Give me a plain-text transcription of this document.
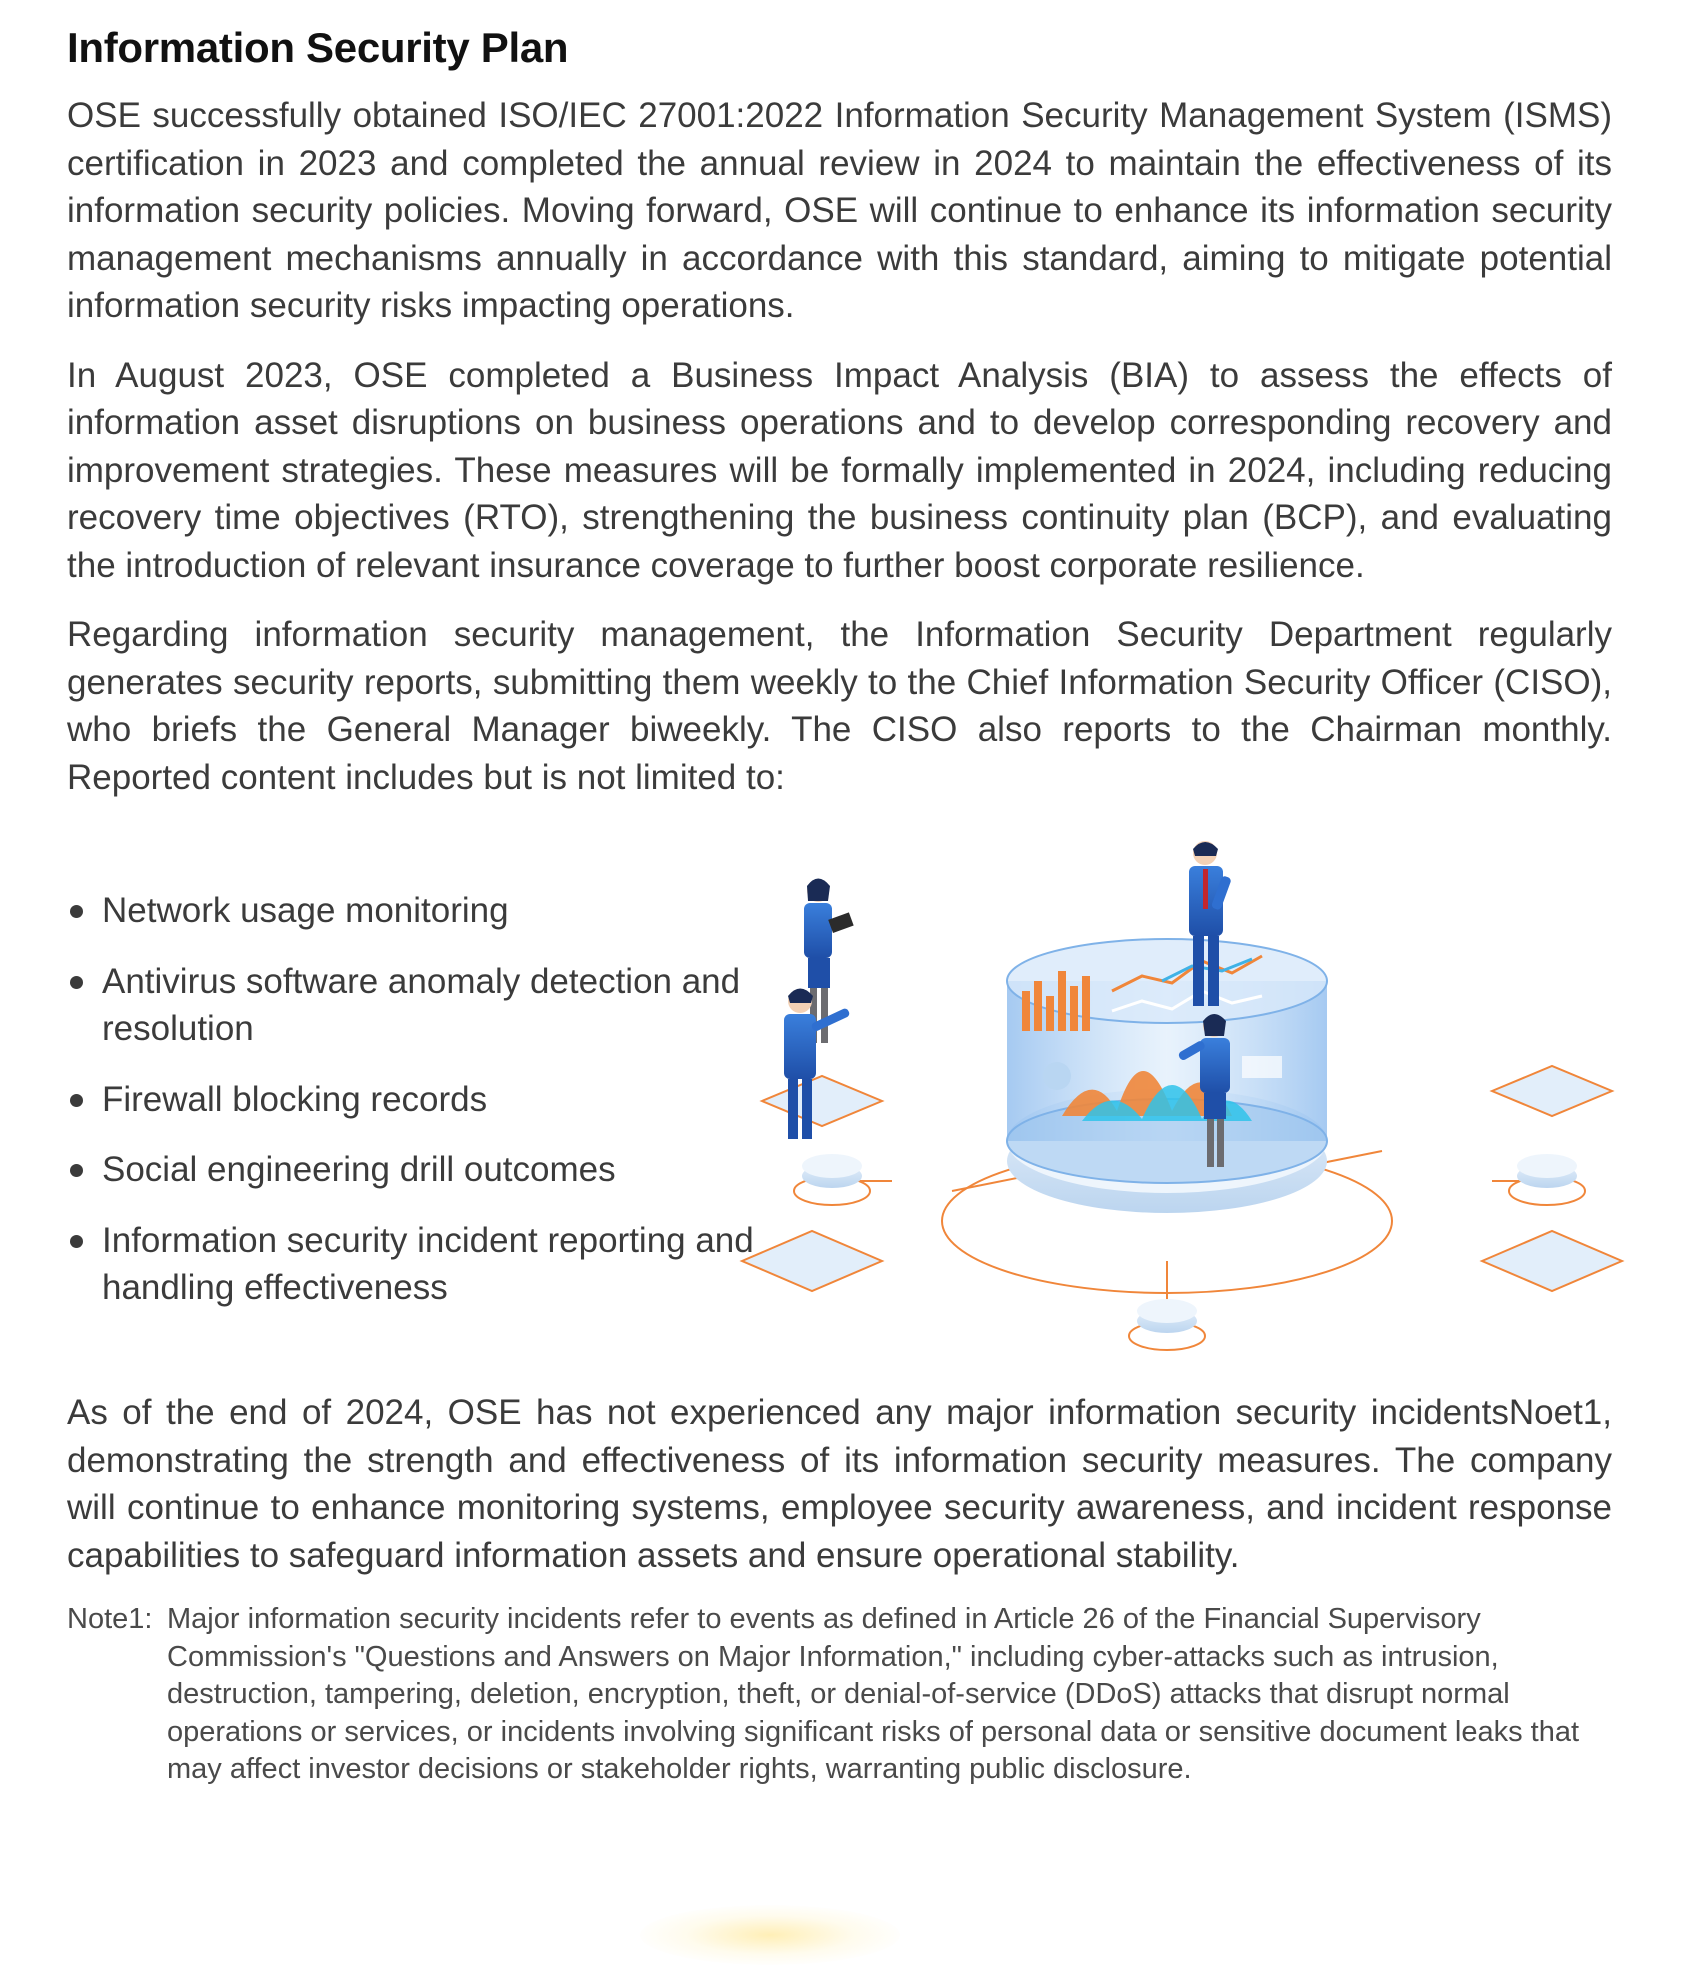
Information Security Plan

OSE successfully obtained ISO/IEC 27001:2022 Information Security Management System (ISMS) certification in 2023 and completed the annual review in 2024 to maintain the effectiveness of its information security policies. Moving forward, OSE will continue to enhance its information security management mechanisms annually in accordance with this standard, aiming to mitigate potential information security risks impacting operations.

In August 2023, OSE completed a Business Impact Analysis (BIA) to assess the effects of information asset disruptions on business operations and to develop corresponding recovery and improvement strategies. These measures will be formally implemented in 2024, including reducing recovery time objectives (RTO), strengthening the business continuity plan (BCP), and evaluating the introduction of relevant insurance coverage to further boost corporate resilience.

Regarding information security management, the Information Security Department regularly generates security reports, submitting them weekly to the Chief Information Security Officer (CISO), who briefs the General Manager biweekly. The CISO also reports to the Chairman monthly. Reported content includes but is not limited to:

Network usage monitoring
Antivirus software anomaly detection and resolution
Firewall blocking records
Social engineering drill outcomes
Information security incident reporting and handling effectiveness

As of the end of 2024, OSE has not experienced any major information security incidentsNoet1, demonstrating the strength and effectiveness of its information security measures. The company will continue to enhance monitoring systems, employee security awareness, and incident response capabilities to safeguard information assets and ensure operational stability.

Note1: Major information security incidents refer to events as defined in Article 26 of the Financial Supervisory Commission's "Questions and Answers on Major Information," including cyber-attacks such as intrusion, destruction, tampering, deletion, encryption, theft, or denial-of-service (DDoS) attacks that disrupt normal operations or services, or incidents involving significant risks of personal data or sensitive document leaks that may affect investor decisions or stakeholder rights, warranting public disclosure.
